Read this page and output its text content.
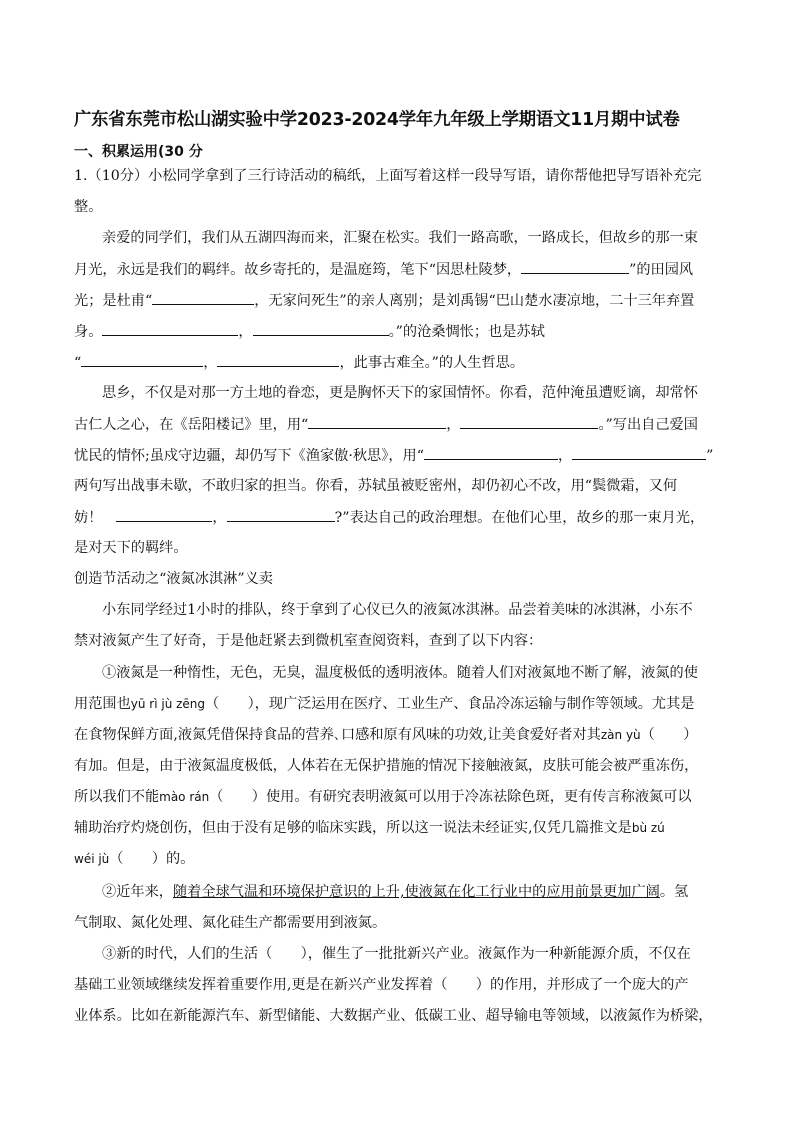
广东省东莞市松山湖实验中学2023-2024学年九年级上学期语文11月期中试卷
一、积累运用(30 分
1.（10分）小松同学拿到了三行诗活动的稿纸，上面写着这样一段导写语，请你帮他把导写语补充完
整。
亲爱的同学们，我们从五湖四海而来，汇聚在松实。我们一路高歌，一路成长，但故乡的那一束
月光，永远是我们的羁绊。故乡寄托的，是温庭筠，笔下“因思杜陵梦，	”的田园风
光；是杜甫“	，无家问死生”的亲人离别；是刘禹锡“巴山楚水凄凉地，二十三年弃置
身。	，	。”的沧桑惆怅；也是苏轼
“	，	，此事古难全。”的人生哲思。
思乡，不仅是对那一方土地的眷恋，更是胸怀天下的家国情怀。你看，范仲淹虽遭贬谪，却常怀
古仁人之心，在《岳阳楼记》里，用“	，	。”写出自己爱国
忧民的情怀;虽戍守边疆，却仍写下《渔家傲·秋思》，用“	，	”
两句写出战事未歇，不敢归家的担当。你看，苏轼虽被贬密州，却仍初心不改，用“鬓微霜，又何
妨！	，	?”表达自己的政治理想。在他们心里，故乡的那一束月光，
是对天下的羁绊。
创造节活动之“液氮冰淇淋”义卖
小东同学经过1小时的排队，终于拿到了心仪已久的液氮冰淇淋。品尝着美味的冰淇淋，小东不
禁对液氮产生了好奇，于是他赶紧去到微机室查阅资料，查到了以下内容：
①液氮是一种惰性，无色，无臭，温度极低的透明液体。随着人们对液氮地不断了解，液氮的使
用范围也yū rì jù zēng（　　），现广泛运用在医疗、工业生产、食品冷冻运输与制作等领域。尤其是
在食物保鲜方面,液氮凭借保持食品的营养､口感和原有风味的功效,让美食爱好者对其zàn yù（　　）
有加。但是，由于液氮温度极低，人体若在无保护措施的情况下接触液氮，皮肤可能会被严重冻伤，
所以我们不能mào rán（　　）使用。有研究表明液氮可以用于冷冻祛除色斑，更有传言称液氮可以
辅助治疗灼烧创伤，但由于没有足够的临床实践，所以这一说法未经证实,仅凭几篇推文是bù zú
wéi jù（　　）的。
②近年来，随着全球气温和环境保护意识的上升,使液氮在化工行业中的应用前景更加广阔。氢
气制取、氮化处理、氮化硅生产都需要用到液氮。
③新的时代，人们的生活（　　），催生了一批批新兴产业。液氮作为一种新能源介质，不仅在
基础工业领域继续发挥着重要作用,更是在新兴产业发挥着（　　）的作用，并形成了一个庞大的产
业体系。比如在新能源汽车、新型储能、大数据产业、低碳工业、超导输电等领域，以液氮作为桥梁，
